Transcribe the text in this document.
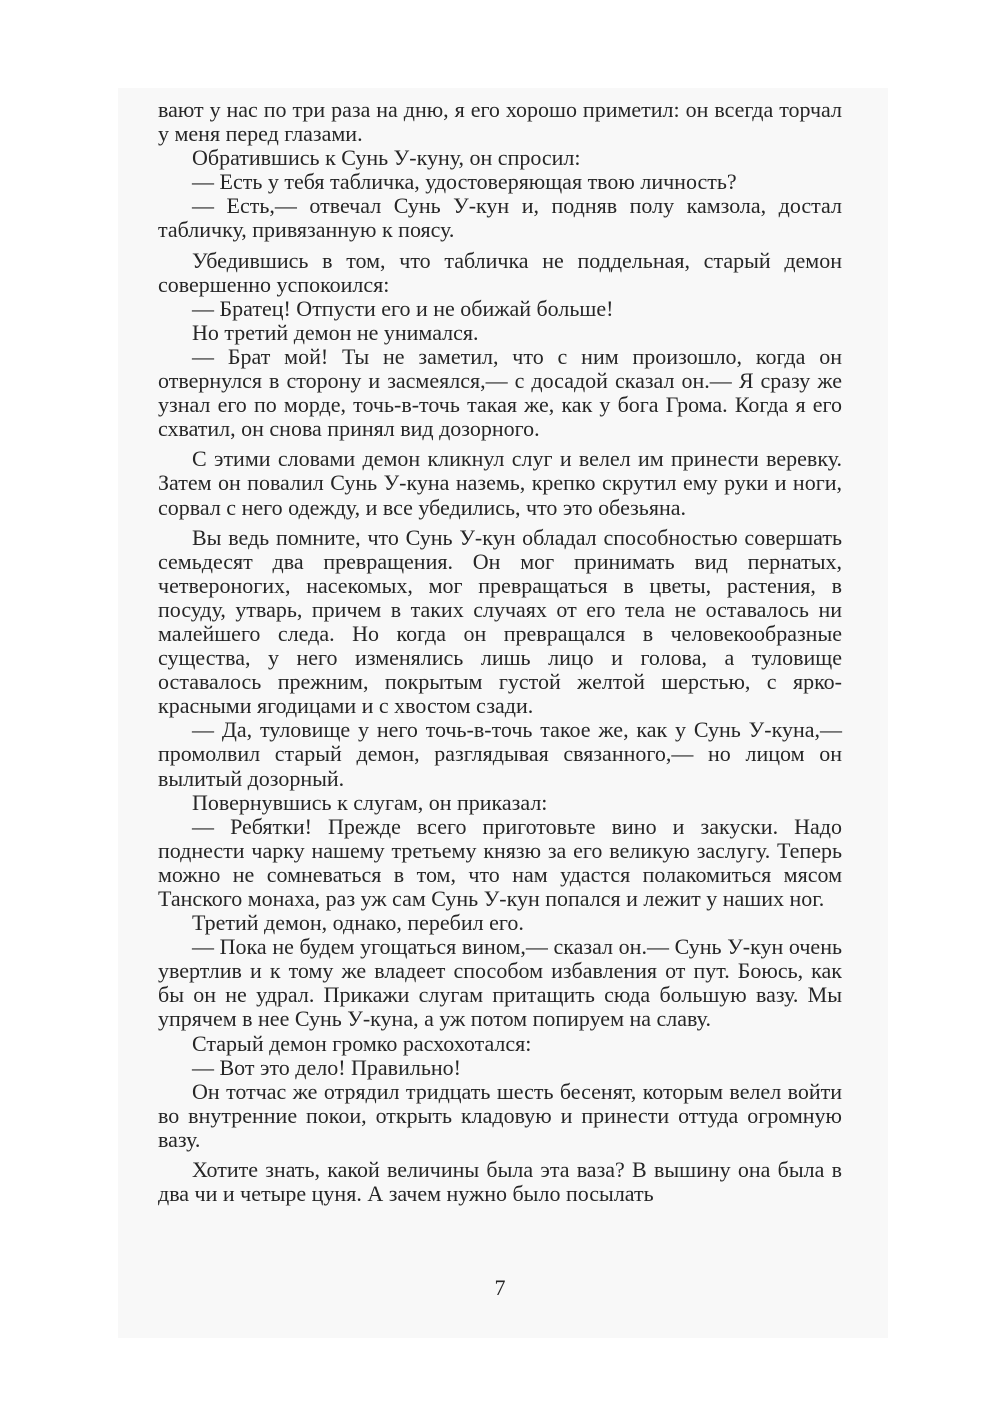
вают у нас по три раза на дню, я его хорошо приметил: он всегда торчал у меня перед глазами.

Обратившись к Сунь У-куну, он спросил:

— Есть у тебя табличка, удостоверяющая твою личность?

— Есть,— отвечал Сунь У-кун и, подняв полу камзола, достал табличку, привязанную к поясу.

Убедившись в том, что табличка не поддельная, старый демон совершенно успокоился:

— Братец! Отпусти его и не обижай больше!

Но третий демон не унимался.

— Брат мой! Ты не заметил, что с ним произошло, когда он отвернулся в сторону и засмеялся,— с досадой сказал он.— Я сразу же узнал его по морде, точь-в-точь такая же, как у бога Грома. Когда я его схватил, он снова принял вид дозорного.

С этими словами демон кликнул слуг и велел им принести веревку. Затем он повалил Сунь У-куна наземь, крепко скрутил ему руки и ноги, сорвал с него одежду, и все убедились, что это обезьяна.

Вы ведь помните, что Сунь У-кун обладал способностью совершать семьдесят два превращения. Он мог принимать вид пернатых, четвероногих, насекомых, мог превращаться в цветы, растения, в посуду, утварь, причем в таких случаях от его тела не оставалось ни малейшего следа. Но когда он превращался в человекообразные существа, у него изменялись лишь лицо и голова, а туловище оставалось прежним, покрытым густой желтой шерстью, с ярко-красными ягодицами и с хвостом сзади.

— Да, туловище у него точь-в-точь такое же, как у Сунь У-куна,— промолвил старый демон, разглядывая связанного,— но лицом он вылитый дозорный.

Повернувшись к слугам, он приказал:

— Ребятки! Прежде всего приготовьте вино и закуски. Надо поднести чарку нашему третьему князю за его великую заслугу. Теперь можно не сомневаться в том, что нам удастся полакомиться мясом Танского монаха, раз уж сам Сунь У-кун попался и лежит у наших ног.

Третий демон, однако, перебил его.

— Пока не будем угощаться вином,— сказал он.— Сунь У-кун очень увертлив и к тому же владеет способом избавления от пут. Боюсь, как бы он не удрал. Прикажи слугам притащить сюда большую вазу. Мы упрячем в нее Сунь У-куна, а уж потом попируем на славу.

Старый демон громко расхохотался:

— Вот это дело! Правильно!

Он тотчас же отрядил тридцать шесть бесенят, которым велел войти во внутренние покои, открыть кладовую и принести оттуда огромную вазу.

Хотите знать, какой величины была эта ваза? В вышину она была в два чи и четыре цуня. А зачем нужно было посылать

7
